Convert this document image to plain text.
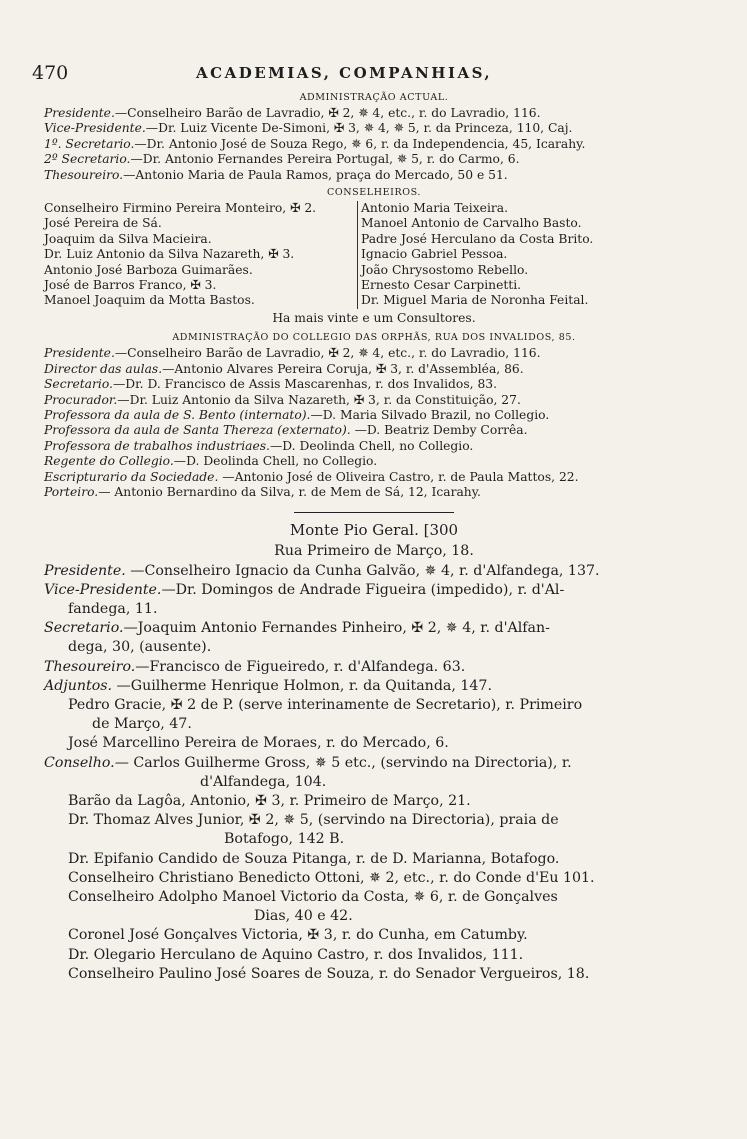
470	ACADEMIAS, COMPANHIAS,
ADMINISTRAÇÃO ACTUAL.
Presidente.—Conselheiro Barão de Lavradio, ✠ 2, ✵ 4, etc., r. do Lavradio, 116.
Vice-Presidente.—Dr. Luiz Vicente De-Simoni, ✠ 3, ✵ 4, ✵ 5, r. da Princeza, 110, Caj.
1º. Secretario.—Dr. Antonio José de Souza Rego, ✵ 6, r. da Independencia, 45, Icarahy.
2º Secretario.—Dr. Antonio Fernandes Pereira Portugal, ✵ 5, r. do Carmo, 6.
Thesoureiro.—Antonio Maria de Paula Ramos, praça do Mercado, 50 e 51.
CONSELHEIROS.
Conselheiro Firmino Pereira Monteiro, ✠ 2.
José Pereira de Sá.
Joaquim da Silva Macieira.
Dr. Luiz Antonio da Silva Nazareth, ✠ 3.
Antonio José Barboza Guimarães.
José de Barros Franco, ✠ 3.
Manoel Joaquim da Motta Bastos.
Antonio Maria Teixeira.
Manoel Antonio de Carvalho Basto.
Padre José Herculano da Costa Brito.
Ignacio Gabriel Pessoa.
João Chrysostomo Rebello.
Ernesto Cesar Carpinetti.
Dr. Miguel Maria de Noronha Feital.
Ha mais vinte e um Consultores.
ADMINISTRAÇÃO DO COLLEGIO DAS ORPHÃS, RUA DOS INVALIDOS, 85.
Presidente.—Conselheiro Barão de Lavradio, ✠ 2, ✵ 4, etc., r. do Lavradio, 116.
Director das aulas.—Antonio Alvares Pereira Coruja, ✠ 3, r. d'Assembléa, 86.
Secretario.—Dr. D. Francisco de Assis Mascarenhas, r. dos Invalidos, 83.
Procurador.—Dr. Luiz Antonio da Silva Nazareth, ✠ 3, r. da Constituição, 27.
Professora da aula de S. Bento (internato).—D. Maria Silvado Brazil, no Collegio.
Professora da aula de Santa Thereza (externato). —D. Beatriz Demby Corrêa.
Professora de trabalhos industriaes.—D. Deolinda Chell, no Collegio.
Regente do Collegio.—D. Deolinda Chell, no Collegio.
Escripturario da Sociedade. —Antonio José de Oliveira Castro, r. de Paula Mattos, 22.
Porteiro.— Antonio Bernardino da Silva, r. de Mem de Sá, 12, Icarahy.
Monte Pio Geral. [300
Rua Primeiro de Março, 18.
Presidente. —Conselheiro Ignacio da Cunha Galvão, ✵ 4, r. d'Alfandega, 137.
Vice-Presidente.—Dr. Domingos de Andrade Figueira (impedido), r. d'Al-
fandega, 11.
Secretario.—Joaquim Antonio Fernandes Pinheiro, ✠ 2, ✵ 4, r. d'Alfan-
dega, 30, (ausente).
Thesoureiro.—Francisco de Figueiredo, r. d'Alfandega. 63.
Adjuntos. —Guilherme Henrique Holmon, r. da Quitanda, 147.
Pedro Gracie, ✠ 2 de P. (serve interinamente de Secretario), r. Primeiro
de Março, 47.
José Marcellino Pereira de Moraes, r. do Mercado, 6.
Conselho.— Carlos Guilherme Gross, ✵ 5 etc., (servindo na Directoria), r.
d'Alfandega, 104.
Barão da Lagôa, Antonio, ✠ 3, r. Primeiro de Março, 21.
Dr. Thomaz Alves Junior, ✠ 2, ✵ 5, (servindo na Directoria), praia de
Botafogo, 142 B.
Dr. Epifanio Candido de Souza Pitanga, r. de D. Marianna, Botafogo.
Conselheiro Christiano Benedicto Ottoni, ✵ 2, etc., r. do Conde d'Eu 101.
Conselheiro Adolpho Manoel Victorio da Costa, ✵ 6, r. de Gonçalves
Dias, 40 e 42.
Coronel José Gonçalves Victoria, ✠ 3, r. do Cunha, em Catumby.
Dr. Olegario Herculano de Aquino Castro, r. dos Invalidos, 111.
Conselheiro Paulino José Soares de Souza, r. do Senador Vergueiros, 18.
